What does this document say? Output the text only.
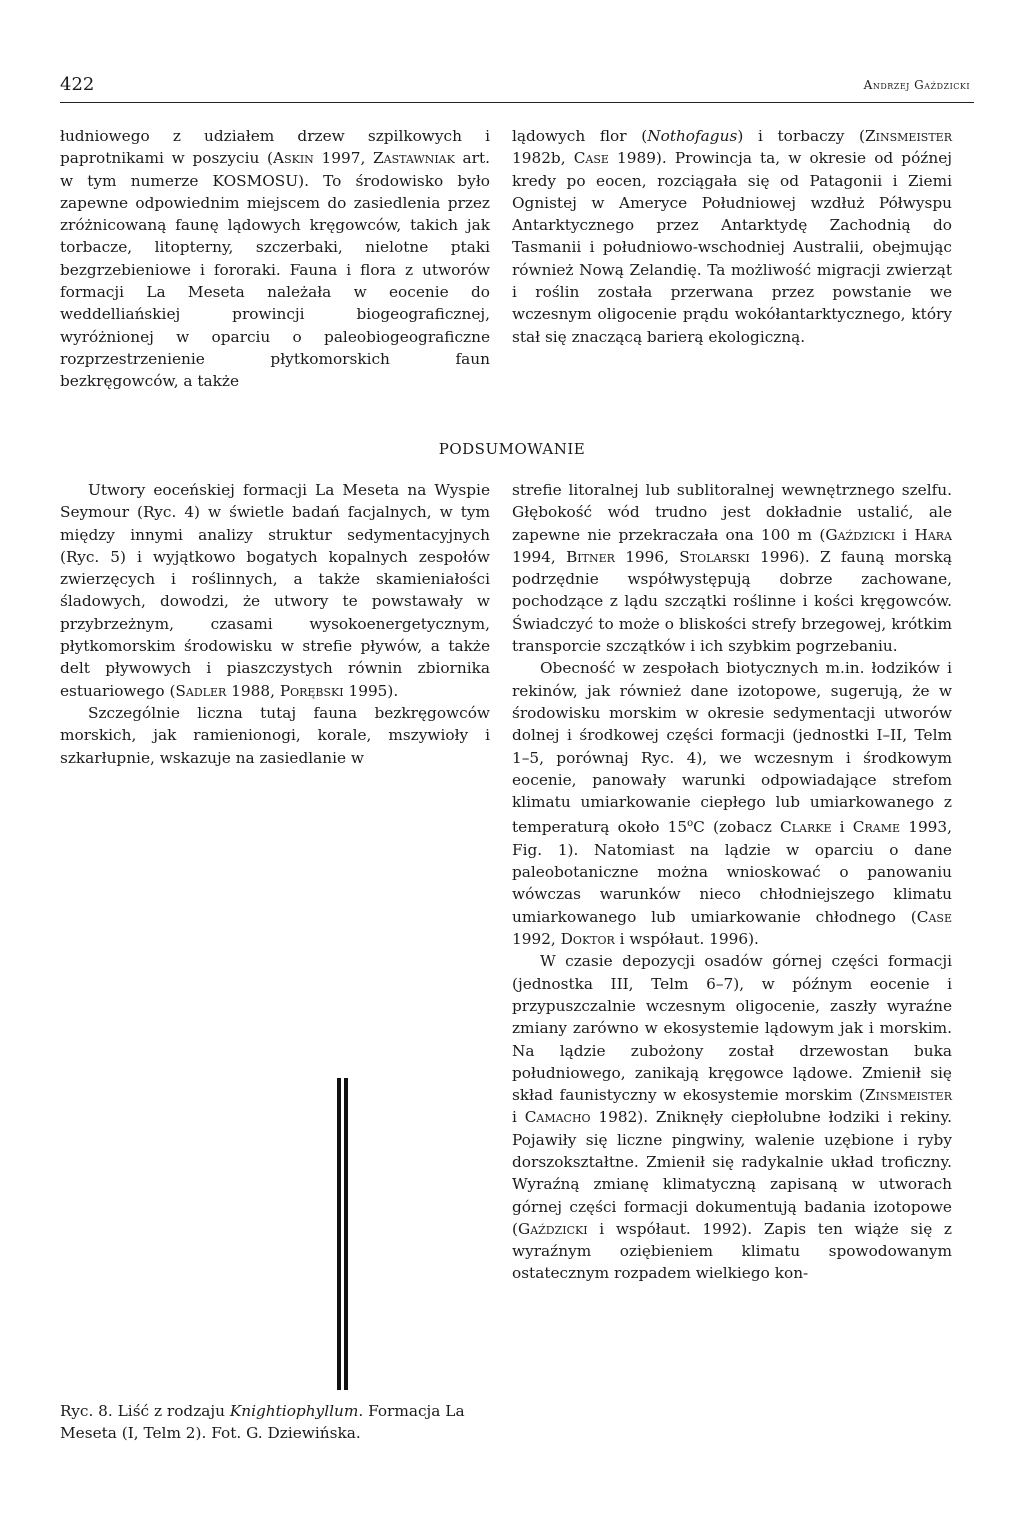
422	Andrzej Gaździcki

łudniowego z udziałem drzew szpilkowych i paprotnikami w poszyciu (Askin 1997, Zastawniak art. w tym numerze KOSMOSU). To środowisko było zapewne odpowiednim miejscem do zasiedlenia przez zróżnicowaną faunę lądowych kręgowców, takich jak torbacze, litopterny, szczerbaki, nielotne ptaki bezgrzebieniowe i fororaki. Fauna i flora z utworów formacji La Meseta należała w eocenie do weddelliańskiej prowincji biogeograficznej, wyróżnionej w oparciu o paleobiogeograficzne rozprzestrzenienie płytkomorskich faun bezkręgowców, a także

lądowych flor (Nothofagus) i torbaczy (Zinsmeister 1982b, Case 1989). Prowincja ta, w okresie od późnej kredy po eocen, rozciągała się od Patagonii i Ziemi Ognistej w Ameryce Południowej wzdłuż Półwyspu Antarktycznego przez Antarktydę Zachodnią do Tasmanii i południowo-wschodniej Australii, obejmując również Nową Zelandię. Ta możliwość migracji zwierząt i roślin została przerwana przez powstanie we wczesnym oligocenie prądu wokółantarktycznego, który stał się znaczącą barierą ekologiczną.

PODSUMOWANIE

Utwory eoceńskiej formacji La Meseta na Wyspie Seymour (Ryc. 4) w świetle badań facjalnych, w tym między innymi analizy struktur sedymentacyjnych (Ryc. 5) i wyjątkowo bogatych kopalnych zespołów zwierzęcych i roślinnych, a także skamieniałości śladowych, dowodzi, że utwory te powstawały w przybrzeżnym, czasami wysokoenergetycznym, płytkomorskim środowisku w strefie pływów, a także delt pływowych i piaszczystych równin zbiornika estuariowego (Sadler 1988, Porębski 1995).

Szczególnie liczna tutaj fauna bezkręgowców morskich, jak ramienionogi, korale, mszywioły i szkarłupnie, wskazuje na zasiedlanie w

Ryc. 8. Liść z rodzaju Knightiophyllum. Formacja La Meseta (I, Telm 2). Fot. G. Dziewińska.

strefie litoralnej lub sublitoralnej wewnętrznego szelfu. Głębokość wód trudno jest dokładnie ustalić, ale zapewne nie przekraczała ona 100 m (Gaździcki i Hara 1994, Bitner 1996, Stolarski 1996). Z fauną morską podrzędnie współwystępują dobrze zachowane, pochodzące z lądu szczątki roślinne i kości kręgowców. Świadczyć to może o bliskości strefy brzegowej, krótkim transporcie szczątków i ich szybkim pogrzebaniu.

Obecność w zespołach biotycznych m.in. łodzików i rekinów, jak również dane izotopowe, sugerują, że w środowisku morskim w okresie sedymentacji utworów dolnej i środkowej części formacji (jednostki I–II, Telm 1–5, porównaj Ryc. 4), we wczesnym i środkowym eocenie, panowały warunki odpowiadające strefom klimatu umiarkowanie ciepłego lub umiarkowanego z temperaturą około 15$^o$C (zobacz Clarke i Crame 1993, Fig. 1). Natomiast na lądzie w oparciu o dane paleobotaniczne można wnioskować o panowaniu wówczas warunków nieco chłodniejszego klimatu umiarkowanego lub umiarkowanie chłodnego (Case 1992, Doktor i współaut. 1996).

W czasie depozycji osadów górnej części formacji (jednostka III, Telm 6–7), w późnym eocenie i przypuszczalnie wczesnym oligocenie, zaszły wyraźne zmiany zarówno w ekosystemie lądowym jak i morskim. Na lądzie zubożony został drzewostan buka południowego, zanikają kręgowce lądowe. Zmienił się skład faunistyczny w ekosystemie morskim (Zinsmeister i Camacho 1982). Zniknęły ciepłolubne łodziki i rekiny. Pojawiły się liczne pingwiny, walenie uzębione i ryby dorszokształtne. Zmienił się radykalnie układ troficzny. Wyraźną zmianę klimatyczną zapisaną w utworach górnej części formacji dokumentują badania izotopowe (Gaździcki i współaut. 1992). Zapis ten wiąże się z wyraźnym oziębieniem klimatu spowodowanym ostatecznym rozpadem wielkiego kon-
